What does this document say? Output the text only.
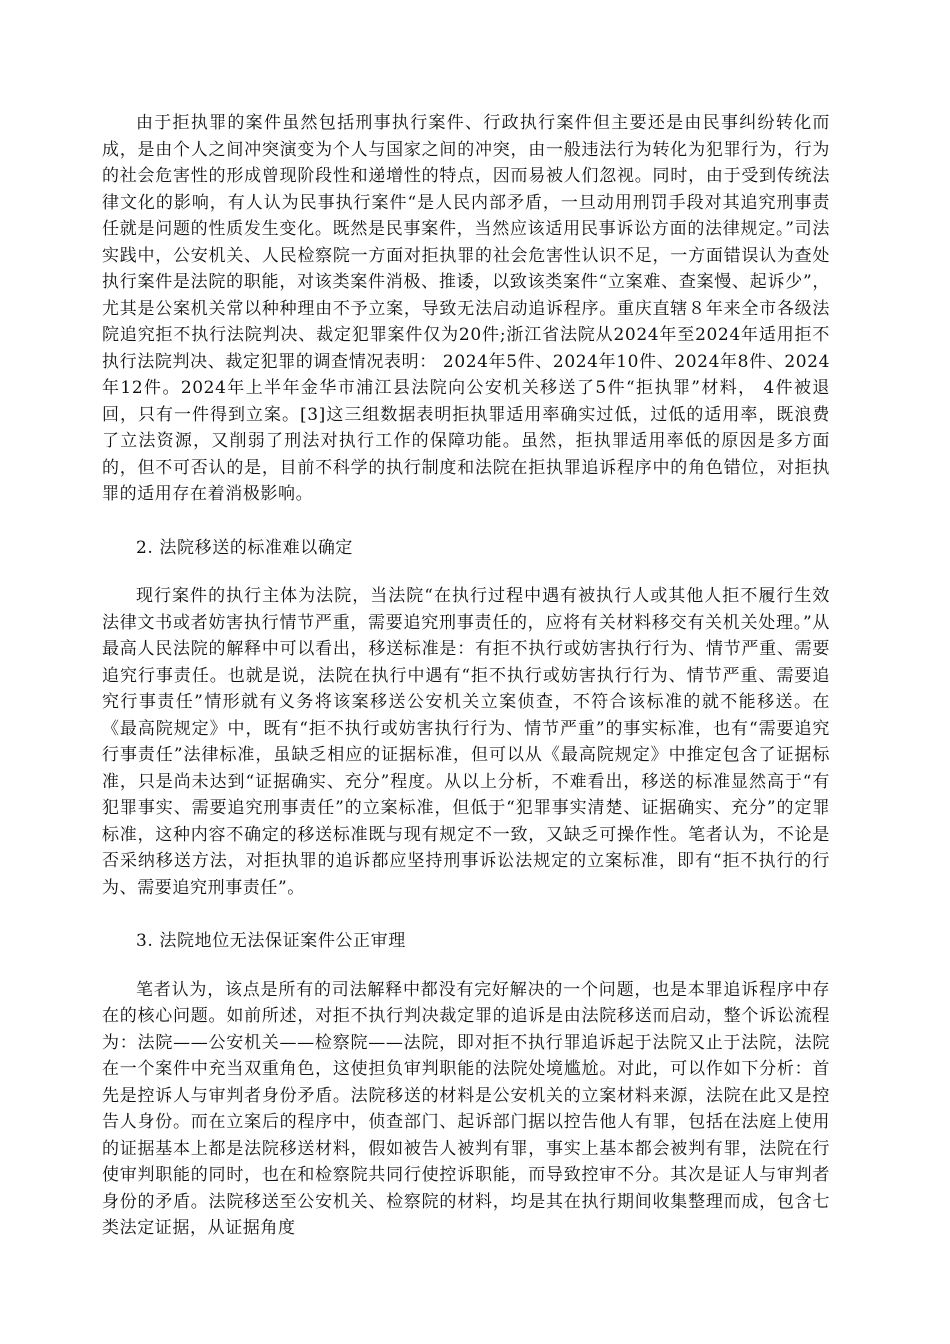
由于拒执罪的案件虽然包括刑事执行案件、行政执行案件但主要还是由民事纠纷转化而成，是由个人之间冲突演变为个人与国家之间的冲突，由一般违法行为转化为犯罪行为，行为的社会危害性的形成曾现阶段性和递增性的特点，因而易被人们忽视。同时，由于受到传统法律文化的影响，有人认为民事执行案件“是人民内部矛盾，一旦动用刑罚手段对其追究刑事责任就是问题的性质发生变化。既然是民事案件，当然应该适用民事诉讼方面的法律规定。”司法实践中，公安机关、人民检察院一方面对拒执罪的社会危害性认识不足，一方面错误认为查处执行案件是法院的职能，对该类案件消极、推诿，以致该类案件“立案难、查案慢、起诉少”，尤其是公案机关常以种种理由不予立案，导致无法启动追诉程序。重庆直辖８年来全市各级法院追究拒不执行法院判决、裁定犯罪案件仅为20件;浙江省法院从2024年至2024年适用拒不执行法院判决、裁定犯罪的调查情况表明： 2024年5件、2024年10件、2024年8件、2024年12件。2024年上半年金华市浦江县法院向公安机关移送了5件“拒执罪”材料， 4件被退回，只有一件得到立案。[3]这三组数据表明拒执罪适用率确实过低，过低的适用率，既浪费了立法资源，又削弱了刑法对执行工作的保障功能。虽然，拒执罪适用率低的原因是多方面的，但不可否认的是，目前不科学的执行制度和法院在拒执罪追诉程序中的角色错位，对拒执罪的适用存在着消极影响。

2. 法院移送的标准难以确定

现行案件的执行主体为法院，当法院“在执行过程中遇有被执行人或其他人拒不履行生效法律文书或者妨害执行情节严重，需要追究刑事责任的，应将有关材料移交有关机关处理。”从最高人民法院的解释中可以看出，移送标准是：有拒不执行或妨害执行行为、情节严重、需要追究行事责任。也就是说，法院在执行中遇有“拒不执行或妨害执行行为、情节严重、需要追究行事责任”情形就有义务将该案移送公安机关立案侦查，不符合该标准的就不能移送。在《最高院规定》中，既有“拒不执行或妨害执行行为、情节严重”的事实标准，也有“需要追究行事责任”法律标准，虽缺乏相应的证据标准，但可以从《最高院规定》中推定包含了证据标准，只是尚未达到“证据确实、充分”程度。从以上分析，不难看出，移送的标准显然高于“有犯罪事实、需要追究刑事责任”的立案标准，但低于“犯罪事实清楚、证据确实、充分”的定罪标准，这种内容不确定的移送标准既与现有规定不一致，又缺乏可操作性。笔者认为，不论是否采纳移送方法，对拒执罪的追诉都应坚持刑事诉讼法规定的立案标准，即有“拒不执行的行为、需要追究刑事责任”。

3. 法院地位无法保证案件公正审理

笔者认为，该点是所有的司法解释中都没有完好解决的一个问题，也是本罪追诉程序中存在的核心问题。如前所述，对拒不执行判决裁定罪的追诉是由法院移送而启动，整个诉讼流程为：法院——公安机关——检察院——法院，即对拒不执行罪追诉起于法院又止于法院，法院在一个案件中充当双重角色，这使担负审判职能的法院处境尴尬。对此，可以作如下分析：首先是控诉人与审判者身份矛盾。法院移送的材料是公安机关的立案材料来源，法院在此又是控告人身份。而在立案后的程序中，侦查部门、起诉部门据以控告他人有罪，包括在法庭上使用的证据基本上都是法院移送材料，假如被告人被判有罪，事实上基本都会被判有罪，法院在行使审判职能的同时，也在和检察院共同行使控诉职能，而导致控审不分。其次是证人与审判者身份的矛盾。法院移送至公安机关、检察院的材料，均是其在执行期间收集整理而成，包含七类法定证据，从证据角度
